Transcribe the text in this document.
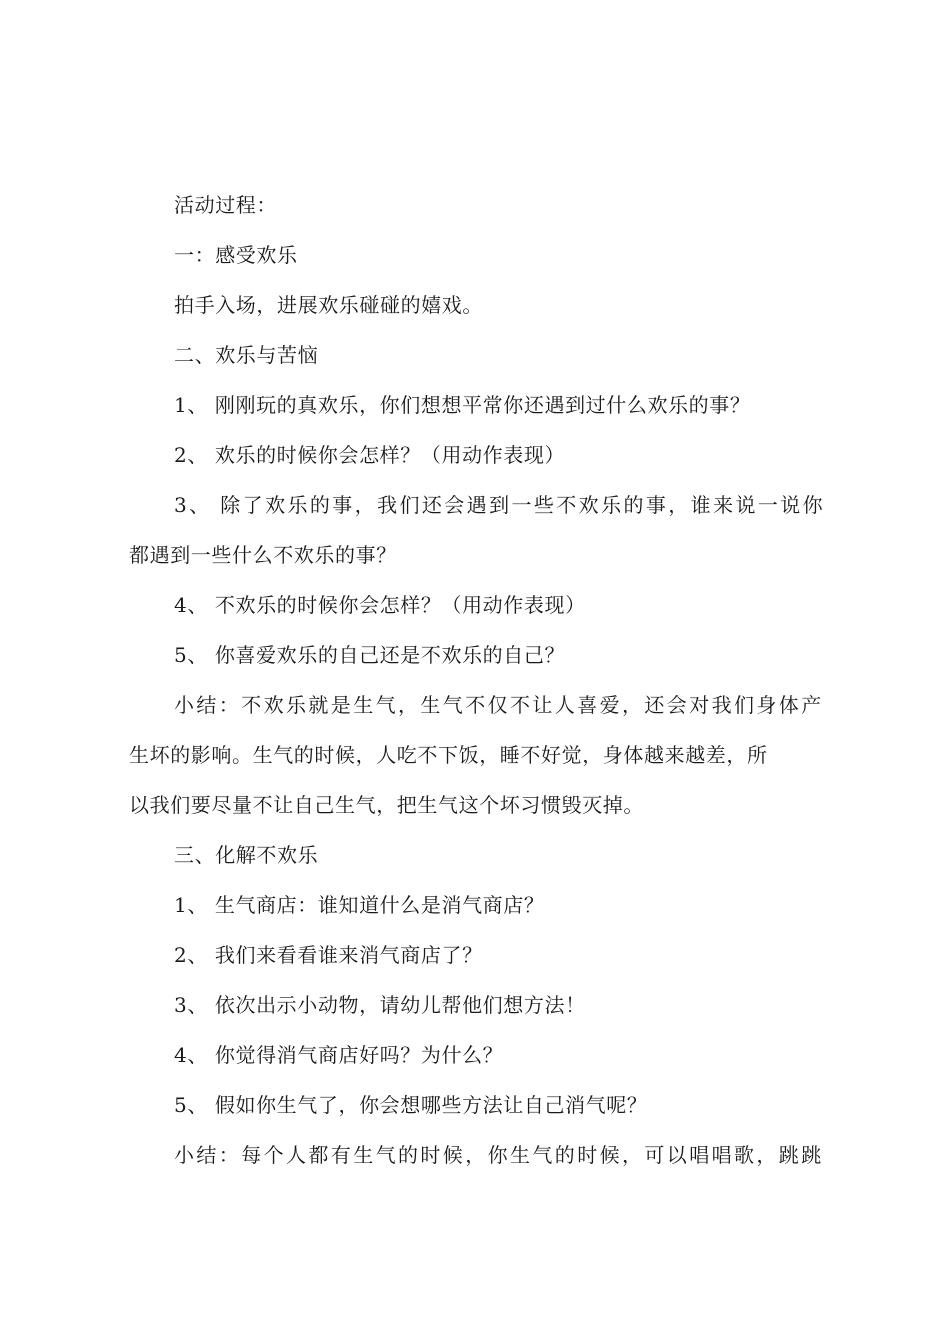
活动过程：
一：感受欢乐
拍手入场，进展欢乐碰碰的嬉戏。
二、欢乐与苦恼
1、 刚刚玩的真欢乐，你们想想平常你还遇到过什么欢乐的事？
2、 欢乐的时候你会怎样？（用动作表现）
3、 除了欢乐的事，我们还会遇到一些不欢乐的事，谁来说一说你
都遇到一些什么不欢乐的事？
4、 不欢乐的时候你会怎样？（用动作表现）
5、 你喜爱欢乐的自己还是不欢乐的自己？
小结：不欢乐就是生气，生气不仅不让人喜爱，还会对我们身体产
生坏的影响。生气的时候，人吃不下饭，睡不好觉，身体越来越差，所
以我们要尽量不让自己生气，把生气这个坏习惯毁灭掉。
三、化解不欢乐
1、 生气商店：谁知道什么是消气商店？
2、 我们来看看谁来消气商店了？
3、 依次出示小动物，请幼儿帮他们想方法！
4、 你觉得消气商店好吗？为什么？
5、 假如你生气了，你会想哪些方法让自己消气呢？
小结：每个人都有生气的时候，你生气的时候，可以唱唱歌，跳跳
